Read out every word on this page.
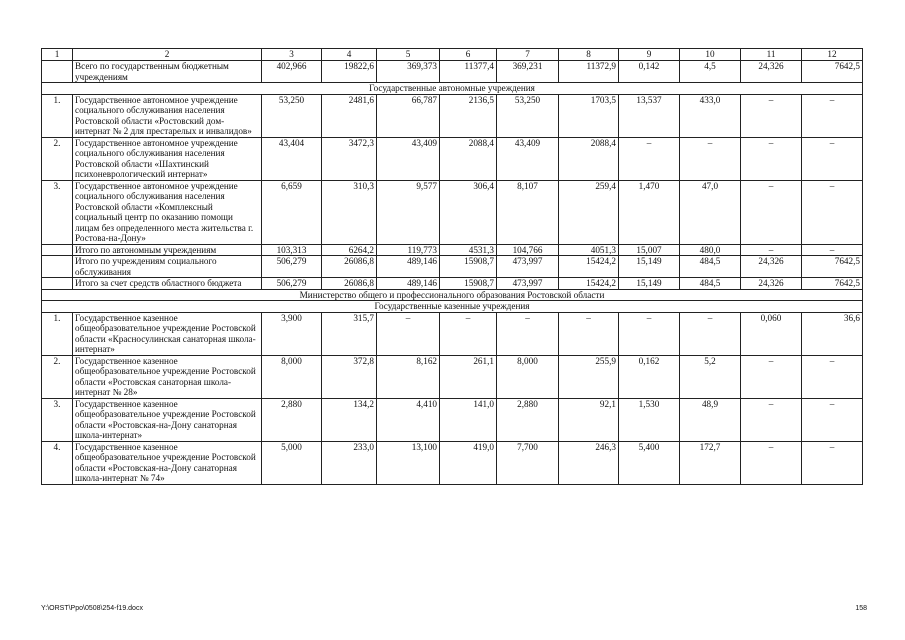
1	2	3	4	5	6	7	8	9	10	11	12
	Всего по государственным бюджетным учреждениям	402,966	19822,6	369,373	11377,4	369,231	11372,9	0,142	4,5	24,326	7642,5
Государственные автономные учреждения											
1.	Государственное автономное учреждение социального обслуживания населения Ростовской области «Ростовский дом-интернат № 2 для престарелых и инвалидов»	53,250	2481,6	66,787	2136,5	53,250	1703,5	13,537	433,0	–	–
2.	Государственное автономное учреждение социального обслуживания населения Ростовской области «Шахтинский психоневрологический интернат»	43,404	3472,3	43,409	2088,4	43,409	2088,4	–	–	–	–
3.	Государственное автономное учреждение социального обслуживания населения Ростовской области «Комплексный социальный центр по оказанию помощи лицам без определенного места жительства г. Ростова-на-Дону»	6,659	310,3	9,577	306,4	8,107	259,4	1,470	47,0	–	–
	Итого по автономным учреждениям	103,313	6264,2	119,773	4531,3	104,766	4051,3	15,007	480,0	–	–
	Итого по учреждениям социального обслуживания	506,279	26086,8	489,146	15908,7	473,997	15424,2	15,149	484,5	24,326	7642,5
	Итого за счет средств областного бюджета	506,279	26086,8	489,146	15908,7	473,997	15424,2	15,149	484,5	24,326	7642,5
Министерство общего и профессионального образования Ростовской области											
Государственные казенные учреждения											
1.	Государственное казенное общеобразовательное учреждение Ростовской области «Красносулинская санаторная школа-интернат»	3,900	315,7	–	–	–	–	–	–	0,060	36,6
2.	Государственное казенное общеобразовательное учреждение Ростовской области «Ростовская санаторная школа-интернат № 28»	8,000	372,8	8,162	261,1	8,000	255,9	0,162	5,2	–	–
3.	Государственное казенное общеобразовательное учреждение Ростовской области «Ростовская-на-Дону санаторная школа-интернат»	2,880	134,2	4,410	141,0	2,880	92,1	1,530	48,9	–	–
4.	Государственное казенное общеобразовательное учреждение Ростовской области «Ростовская-на-Дону санаторная школа-интернат № 74»	5,000	233,0	13,100	419,0	7,700	246,3	5,400	172,7	–	–
Y:\ORST\Ppo\0508\254-f19.docx	158
